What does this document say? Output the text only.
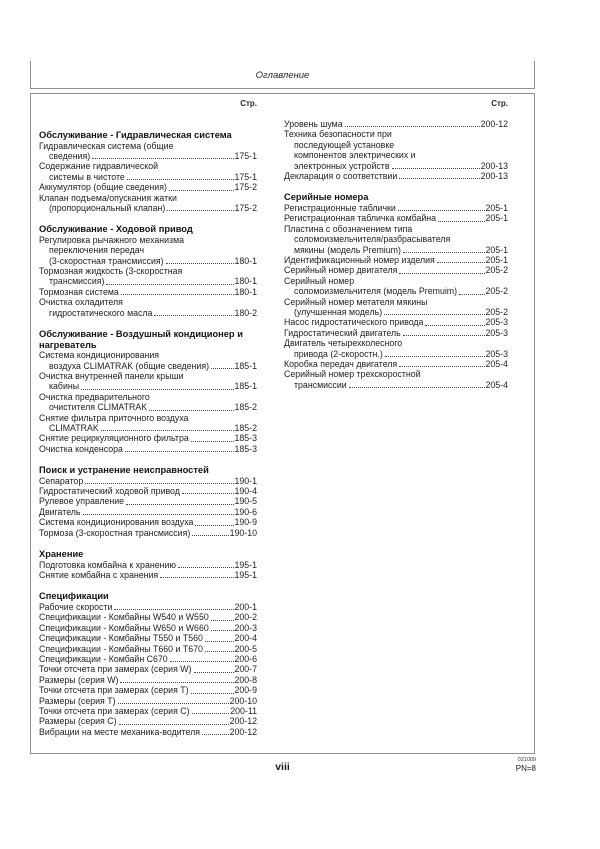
Оглавление
Стр.	Стр.
Обслуживание - Гидравлическая система
Гидравлическая система (общие
сведения)	175-1
Содержание гидравлической
системы в чистоте	175-1
Аккумулятор (общие сведения)	175-2
Клапан подъема/опускания жатки
(пропорциональный клапан)	175-2
Обслуживание - Ходовой привод
Регулировка рычажного механизма
переключения передач
(3-скоростная трансмиссия)	180-1
Тормозная жидкость (3-скоростная
трансмиссия)	180-1
Тормозная система	180-1
Очистка охладителя
гидростатического масла	180-2
Обслуживание - Воздушный кондиционер и нагреватель
Система кондиционирования
воздуха CLIMATRAK (общие сведения)	185-1
Очистка внутренней панели крыши
кабины	185-1
Очистка предварительного
очистителя CLIMATRAK	185-2
Снятие фильтра приточного воздуха
CLIMATRAK	185-2
Снятие рециркуляционного фильтра	185-3
Очистка конденсора	185-3
Поиск и устранение неисправностей
Сепаратор	190-1
Гидростатический ходовой привод	190-4
Рулевое управление	190-5
Двигатель	190-6
Система кондиционирования воздуха	190-9
Тормоза (3-скоростная трансмиссия)	190-10
Хранение
Подготовка комбайна к хранению	195-1
Снятие комбайна с хранения	195-1
Спецификации
Рабочие скорости	200-1
Спецификации - Комбайны W540 и W550	200-2
Спецификации - Комбайны W650 и W660	200-3
Спецификации - Комбайны T550 и T560	200-4
Спецификации - Комбайны T660 и T670	200-5
Спецификации - Комбайн C670	200-6
Точки отсчета при замерах (серия W)	200-7
Размеры (серия W)	200-8
Точки отсчета при замерах (серия T)	200-9
Размеры (серия T)	200-10
Точки отсчета при замерах (серия C)	200-11
Размеры (серия C)	200-12
Вибрации на месте механика-водителя	200-12
Уровень шума	200-12
Техника безопасности при
последующей установке
компонентов электрических и
электронных устройств	200-13
Декларация о соответствии	200-13
Серийные номера
Регистрационные таблички	205-1
Регистрационная табличка комбайна	205-1
Пластина с обозначением типа
соломоизмельчителя/разбрасывателя
мякины (модель Premium)	205-1
Идентификационный номер изделия	205-1
Серийный номер двигателя	205-2
Серийный номер
соломоизмельчителя (модель Premuim)	205-2
Серийный номер метателя мякины
(улучшенная модель)	205-2
Насос гидростатического привода	205-3
Гидростатический двигатель	205-3
Двигатель четырехколесного
привода (2-скоростн.)	205-3
Коробка передач двигателя	205-4
Серийный номер трехскоростной
трансмиссии	205-4
viii
021009
PN=8
